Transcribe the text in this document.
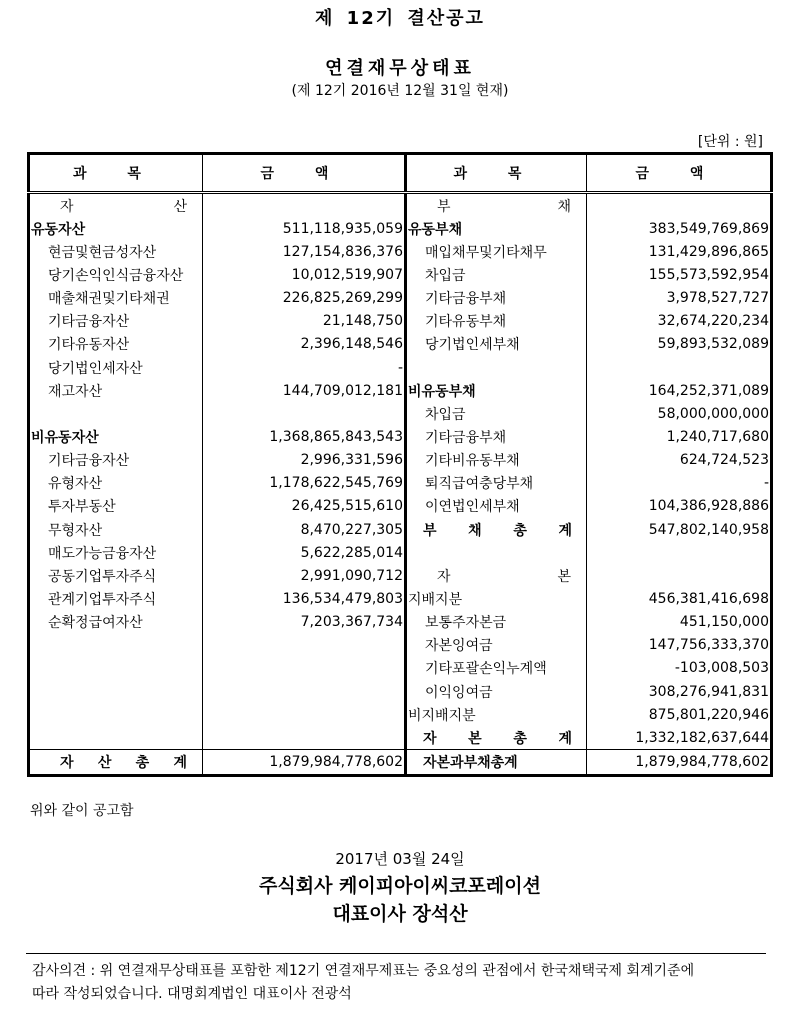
제 12기 결산공고
연결재무상태표
(제 12기 2016년 12월 31일 현재)
[단위 : 원]
과 목	금 액	과 목	금 액
자 산		부 채	
유동자산	511,118,935,059	유동부채	383,549,769,869
현금및현금성자산	127,154,836,376	매입채무및기타채무	131,429,896,865
당기손익인식금융자산	10,012,519,907	차입금	155,573,592,954
매출채권및기타채권	226,825,269,299	기타금융부채	3,978,527,727
기타금융자산	21,148,750	기타유동부채	32,674,220,234
기타유동자산	2,396,148,546	당기법인세부채	59,893,532,089
당기법인세자산	-		
재고자산	144,709,012,181	비유동부채	164,252,371,089
		차입금	58,000,000,000
비유동자산	1,368,865,843,543	기타금융부채	1,240,717,680
기타금융자산	2,996,331,596	기타비유동부채	624,724,523
유형자산	1,178,622,545,769	퇴직급여충당부채	-
투자부동산	26,425,515,610	이연법인세부채	104,386,928,886
무형자산	8,470,227,305	부 채 총 계	547,802,140,958
매도가능금융자산	5,622,285,014		
공동기업투자주식	2,991,090,712	자 본	
관계기업투자주식	136,534,479,803	지배지분	456,381,416,698
순확정급여자산	7,203,367,734	보통주자본금	451,150,000
		자본잉여금	147,756,333,370
		기타포괄손익누계액	-103,008,503
		이익잉여금	308,276,941,831
		비지배지분	875,801,220,946
		자 본 총 계	1,332,182,637,644
자 산 총 계	1,879,984,778,602	자본과부채총계	1,879,984,778,602
위와 같이 공고함
2017년 03월 24일
주식회사 케이피아이씨코포레이션
대표이사 장석산
감사의견 : 위 연결재무상태표를 포함한 제12기 연결재무제표는 중요성의 관점에서 한국채택국제 회계기준에
따라 작성되었습니다. 대명회계법인 대표이사 전광석
